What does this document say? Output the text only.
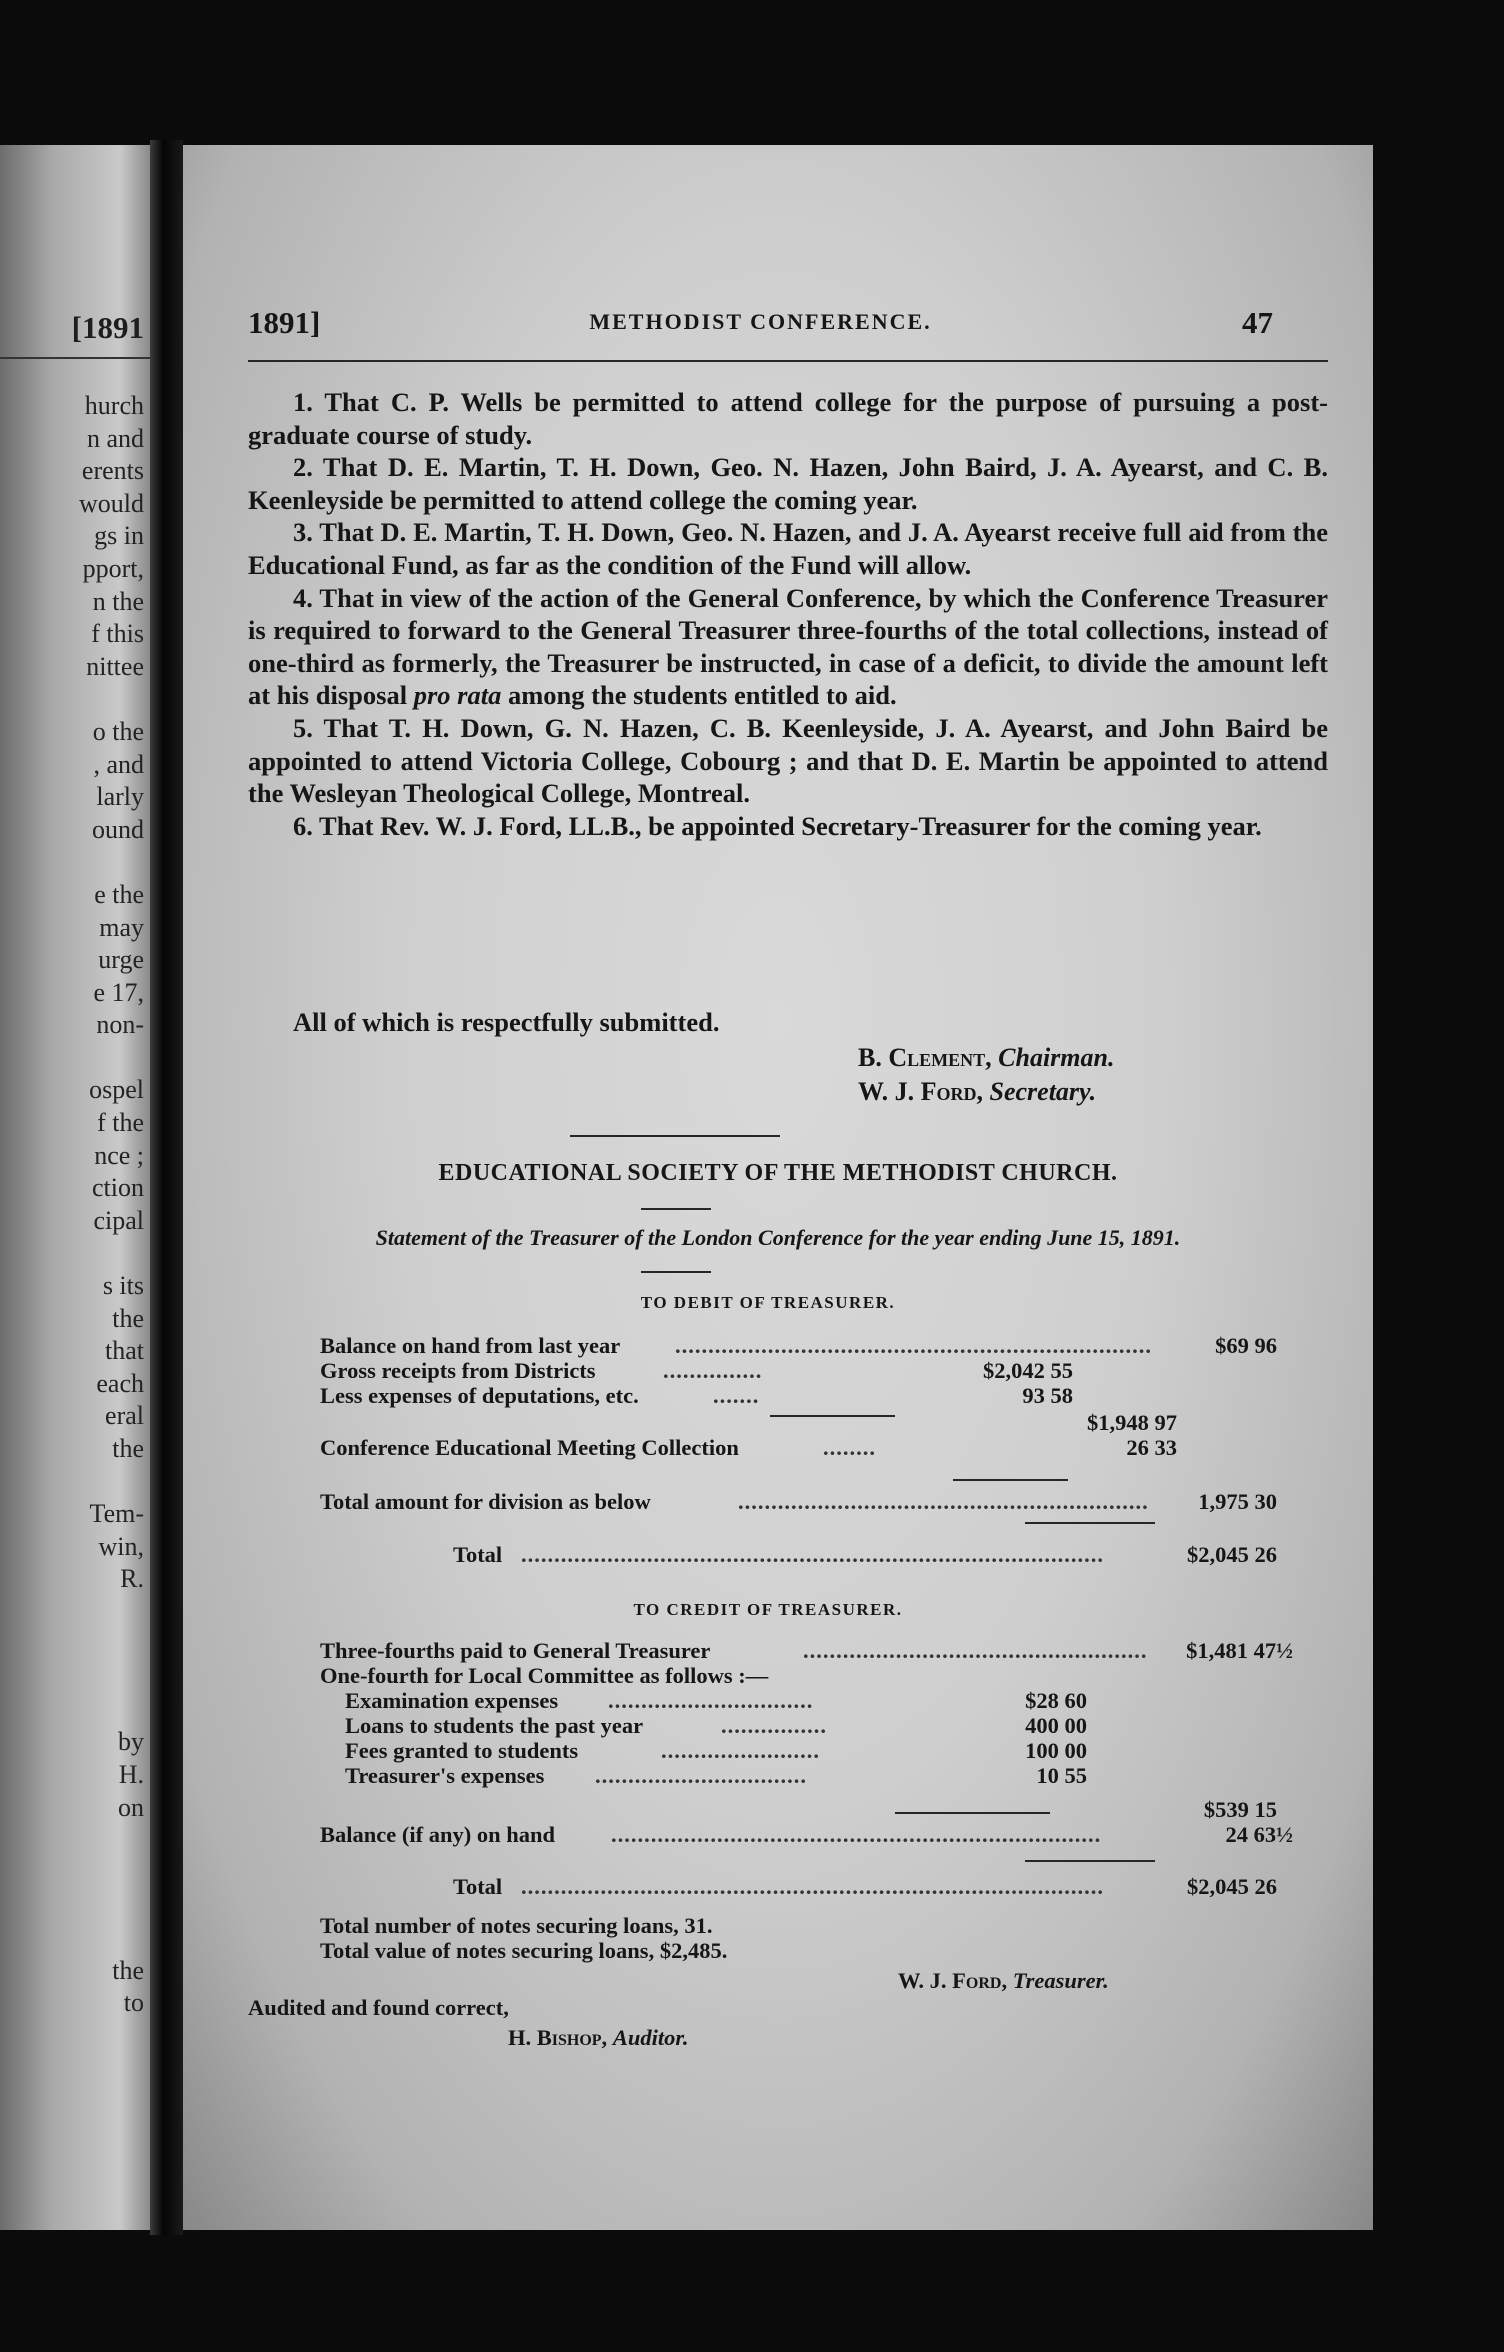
[1891
hurch
n and
erents
would
gs in
pport,
n the
f this
nittee
o the
, and
larly
ound
e the
may
urge
e 17,
non-
ospel
f the
nce ;
ction
cipal
s its
the
that
each
eral
the
Tem-
win,
R.
by
H.
on
the
to
1891]	METHODIST CONFERENCE.	47

1. That C. P. Wells be permitted to attend college for the purpose of pursuing a post-graduate course of study.

2. That D. E. Martin, T. H. Down, Geo. N. Hazen, John Baird, J. A. Ayearst, and C. B. Keenleyside be permitted to attend college the coming year.

3. That D. E. Martin, T. H. Down, Geo. N. Hazen, and J. A. Ayearst receive full aid from the Educational Fund, as far as the condition of the Fund will allow.

4. That in view of the action of the General Conference, by which the Conference Treasurer is required to forward to the General Treasurer three-fourths of the total collections, instead of one-third as formerly, the Treasurer be instructed, in case of a deficit, to divide the amount left at his disposal pro rata among the students entitled to aid.

5. That T. H. Down, G. N. Hazen, C. B. Keenleyside, J. A. Ayearst, and John Baird be appointed to attend Victoria College, Cobourg ; and that D. E. Martin be appointed to attend the Wesleyan Theological College, Montreal.

6. That Rev. W. J. Ford, LL.B., be appointed Secretary-Treasurer for the coming year.

All of which is respectfully submitted.
B. Clement, Chairman.
W. J. Ford, Secretary.
EDUCATIONAL SOCIETY OF THE METHODIST CHURCH.
Statement of the Treasurer of the London Conference for the year ending June 15, 1891.
TO DEBIT OF TREASURER.
Balance on hand from last year ........................................................................	$69 96
Gross receipts from Districts	...............	$2,042 55
Less expenses of deputations, etc.	.......	93 58
$1,948 97
Conference Educational Meeting Collection	........	26 33
Total amount for division as below	..............................................................	1,975 30
Total ........................................................................................	$2,045 26
TO CREDIT OF TREASURER.
Three-fourths paid to General Treasurer	....................................................	$1,481 47½
One-fourth for Local Committee as follows :—
Examination expenses ...............................	$28 60
Loans to students the past year	................	400 00
Fees granted to students	........................	100 00
Treasurer's expenses ................................	10 55
$539 15
Balance (if any) on hand ..........................................................................	24 63½
Total ........................................................................................	$2,045 26
Total number of notes securing loans, 31.
Total value of notes securing loans, $2,485.
W. J. Ford, Treasurer.
Audited and found correct,
H. Bishop, Auditor.
